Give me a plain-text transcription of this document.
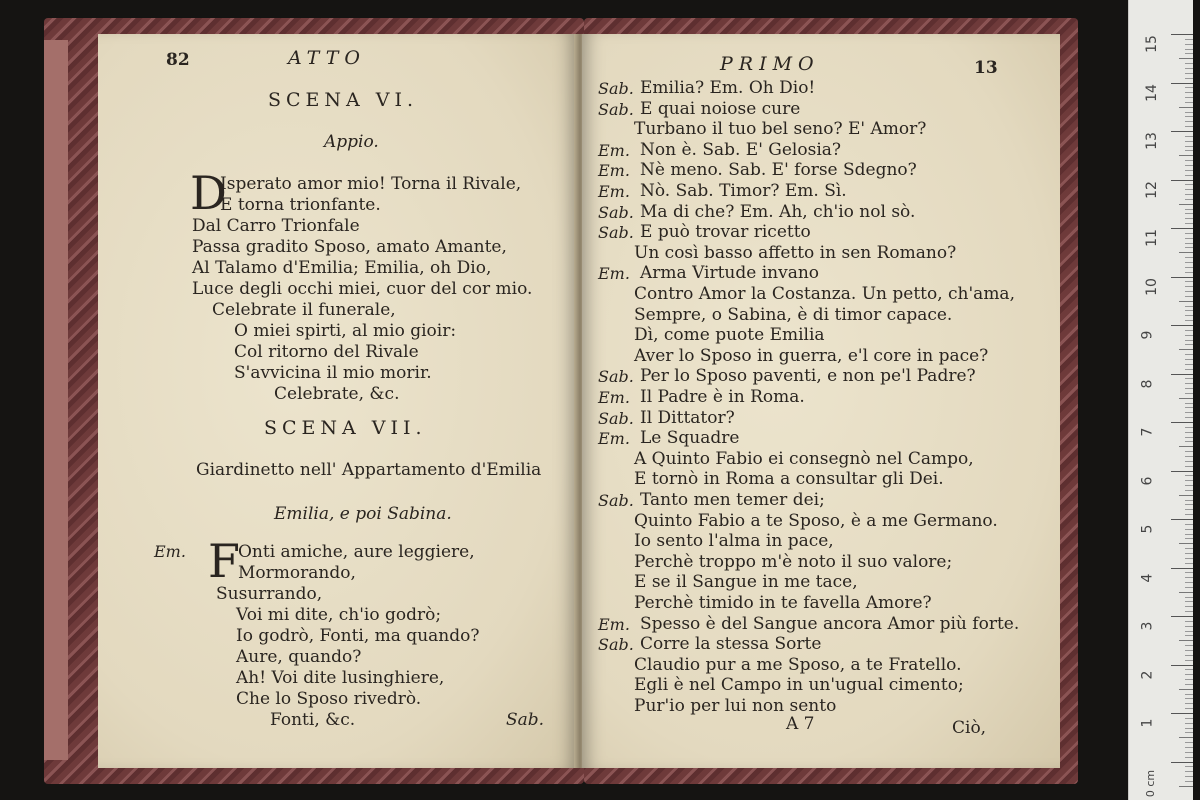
82	ATTO
SCENA VI.
Appio.
D
Isperato amor mio! Torna il Rivale,
E torna trionfante.
Dal Carro Trionfale
Passa gradito Sposo, amato Amante,
Al Talamo d'Emilia; Emilia, oh Dio,
Luce degli occhi miei, cuor del cor mio.
Celebrate il funerale,
O miei spirti, al mio gioir:
Col ritorno del Rivale
S'avvicina il mio morir.
Celebrate, &c.
SCENA VII.
Giardinetto nell' Appartamento d'Emilia
Emilia, e poi Sabina.
Em. F
Onti amiche, aure leggiere,
Mormorando,
Susurrando,
Voi mi dite, ch'io godrò;
Io godrò, Fonti, ma quando?
Aure, quando?
Ah! Voi dite lusinghiere,
Che lo Sposo rivedrò.
Fonti, &c.	Sab.
PRIMO	13
Sab. Emilia? Em. Oh Dio!
Sab. E quai noiose cure
Turbano il tuo bel seno? E' Amor?
Em. Non è. Sab. E' Gelosia?
Em. Nè meno. Sab. E' forse Sdegno?
Em. Nò. Sab. Timor? Em. Sì.
Sab. Ma di che? Em. Ah, ch'io nol sò.
Sab. E può trovar ricetto
Un così basso affetto in sen Romano?
Em. Arma Virtude invano
Contro Amor la Costanza. Un petto, ch'ama,
Sempre, o Sabina, è di timor capace.
Dì, come puote Emilia
Aver lo Sposo in guerra, e'l core in pace?
Sab. Per lo Sposo paventi, e non pe'l Padre?
Em. Il Padre è in Roma.
Sab. Il Dittator?
Em. Le Squadre
A Quinto Fabio ei consegnò nel Campo,
E tornò in Roma a consultar gli Dei.
Sab. Tanto men temer dei;
Quinto Fabio a te Sposo, è a me Germano.
Io sento l'alma in pace,
Perchè troppo m'è noto il suo valore;
E se il Sangue in me tace,
Perchè timido in te favella Amore?
Em. Spesso è del Sangue ancora Amor più forte.
Sab. Corre la stessa Sorte
Claudio pur a me Sposo, a te Fratello.
Egli è nel Campo in un'ugual cimento;
Pur'io per lui non sento
A 7	Ciò,
15
14
13
12
11
10
9
8
7
6
5
4
3
2
1
0 cm
